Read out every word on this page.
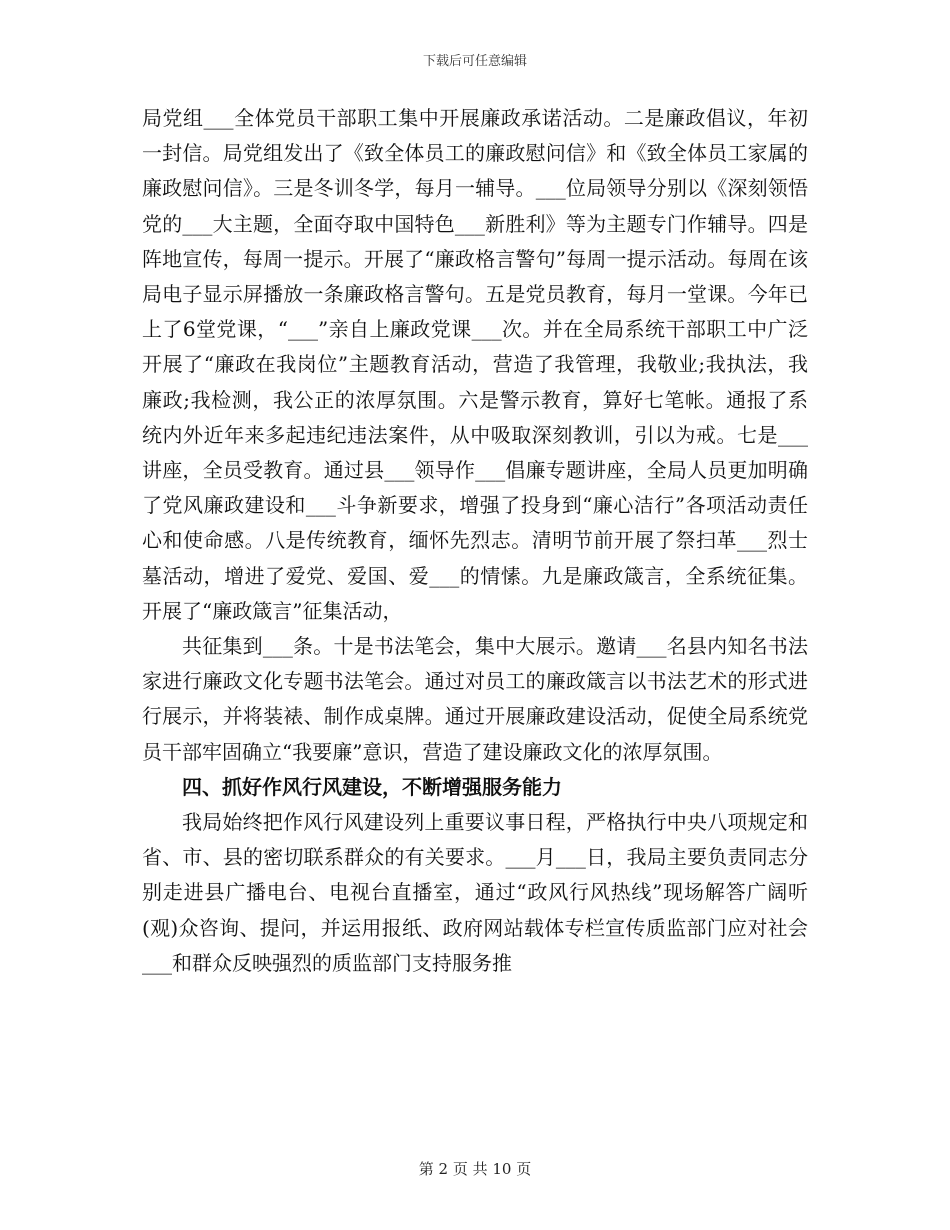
下载后可任意编辑

局党组___全体党员干部职工集中开展廉政承诺活动。二是廉政倡议，年初一封信。局党组发出了《致全体员工的廉政慰问信》和《致全体员工家属的廉政慰问信》。三是冬训冬学，每月一辅导。___位局领导分别以《深刻领悟党的___大主题，全面夺取中国特色___新胜利》等为主题专门作辅导。四是阵地宣传，每周一提示。开展了“廉政格言警句”每周一提示活动。每周在该局电子显示屏播放一条廉政格言警句。五是党员教育，每月一堂课。今年已上了6堂党课，“___”亲自上廉政党课___次。并在全局系统干部职工中广泛开展了“廉政在我岗位”主题教育活动，营造了我管理，我敬业;我执法，我廉政;我检测，我公正的浓厚氛围。六是警示教育，算好七笔帐。通报了系统内外近年来多起违纪违法案件，从中吸取深刻教训，引以为戒。七是___讲座，全员受教育。通过县___领导作___倡廉专题讲座，全局人员更加明确了党风廉政建设和___斗争新要求，增强了投身到“廉心洁行”各项活动责任心和使命感。八是传统教育，缅怀先烈志。清明节前开展了祭扫革___烈士墓活动，增进了爱党、爱国、爱___的情愫。九是廉政箴言，全系统征集。开展了“廉政箴言”征集活动，

共征集到___条。十是书法笔会，集中大展示。邀请___名县内知名书法家进行廉政文化专题书法笔会。通过对员工的廉政箴言以书法艺术的形式进行展示，并将装裱、制作成桌牌。通过开展廉政建设活动，促使全局系统党员干部牢固确立“我要廉”意识，营造了建设廉政文化的浓厚氛围。

四、抓好作风行风建设，不断增强服务能力

我局始终把作风行风建设列上重要议事日程，严格执行中央八项规定和省、市、县的密切联系群众的有关要求。___月___日，我局主要负责同志分别走进县广播电台、电视台直播室，通过“政风行风热线”现场解答广阔听(观)众咨询、提问，并运用报纸、政府网站载体专栏宣传质监部门应对社会___和群众反映强烈的质监部门支持服务推

第 2 页 共 10 页
